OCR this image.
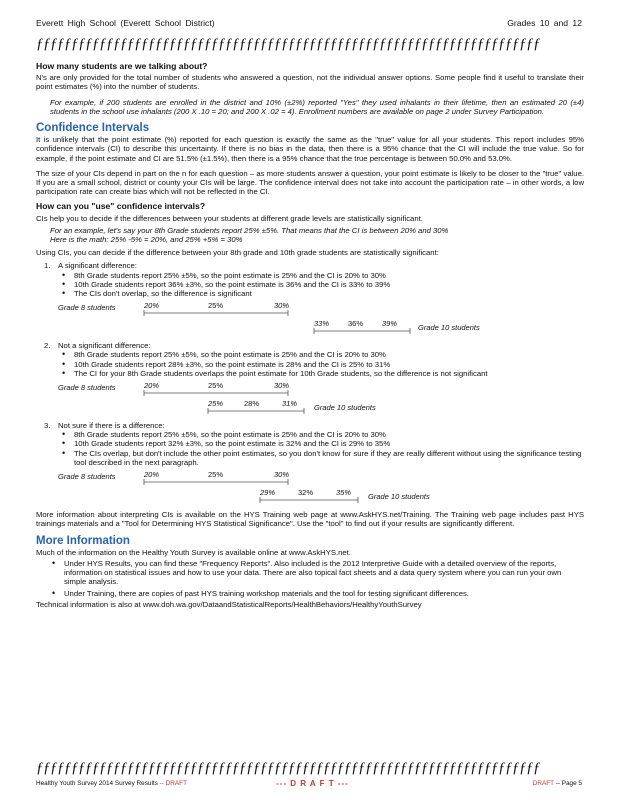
Everett High School (Everett School District)	Grades 10 and 12
ƒƒƒƒƒƒƒƒƒƒƒƒƒƒƒƒƒƒƒƒƒƒƒƒƒƒƒƒƒƒƒƒƒƒƒƒƒƒƒƒƒƒƒƒƒƒƒƒƒƒƒƒƒƒƒƒƒƒƒƒƒƒƒƒƒƒƒƒƒƒƒƒ
How many students are we talking about?

N's are only provided for the total number of students who answered a question, not the individual answer options. Some people find it useful to translate their point estimates (%) into the number of students.

For example, if 200 students are enrolled in the district and 10% (±2%) reported "Yes" they used inhalants in their lifetime, then an estimated 20 (±4) students in the school use inhalants (200 X .10 = 20; and 200 X .02 = 4). Enrollment numbers are available on page 2 under Survey Participation.

Confidence Intervals

It is unlikely that the point estimate (%) reported for each question is exactly the same as the "true" value for all your students. This report includes 95% confidence intervals (CI) to describe this uncertainty. If there is no bias in the data, then there is a 95% chance that the CI will include the true value. So for example, if the point estimate and CI are 51.5% (±1.5%), then there is a 95% chance that the true percentage is between 50.0% and 53.0%.

The size of your CIs depend in part on the n for each question – as more students answer a question, your point estimate is likely to be closer to the "true" value. If you are a small school, district or county your CIs will be large. The confidence interval does not take into account the participation rate – in other words, a low participation rate can create bias which will not be reflected in the CI.

How can you "use" confidence intervals?

CIs help you to decide if the differences between your students at different grade levels are statistically significant.

For an example, let's say your 8th Grade students report 25% ±5%. That means that the CI is between 20% and 30%
Here is the math: 25% -5% = 20%, and 25% +5% = 30%

Using CIs, you can decide if the difference between your 8th grade and 10th grade students are statistically significant:

1. A significant difference:
• 8th Grade students report 25% ±5%, so the point estimate is 25% and the CI is 20% to 30%
• 10th Grade students report 36% ±3%, so the point estimate is 36% and the CI is 33% to 39%
• The CIs don't overlap, so the difference is significant
Grade 8 students	20%	25%	30%
33%	36%	39%	Grade 10 students
2. Not a significant difference:
• 8th Grade students report 25% ±5%, so the point estimate is 25% and the CI is 20% to 30%
• 10th Grade students report 28% ±3%, so the point estimate is 28% and the CI is 25% to 31%
• The CI for your 8th Grade students overlaps the point estimate for 10th Grade students, so the difference is not significant
Grade 8 students	20%	25%	30%
25%	28%	31% Grade 10 students
3. Not sure if there is a difference:
• 8th Grade students report 25% ±5%, so the point estimate is 25% and the CI is 20% to 30%
• 10th Grade students report 32% ±3%, so the point estimate is 32% and the CI is 29% to 35%
• The CIs overlap, but don't include the other point estimates, so you don't know for sure if they are really different without using the significance testing tool described in the next paragraph.
Grade 8 students	20%	25%	30%
29%	32%	35% Grade 10 students

More information about interpreting CIs is available on the HYS Training web page at www.AskHYS.net/Training. The Training web page includes past HYS trainings materials and a "Tool for Determining HYS Statistical Significance". Use the "tool" to find out if your results are significantly different.

More Information

Much of the information on the Healthy Youth Survey is available online at www.AskHYS.net.

• Under HYS Results, you can find these "Frequency Reports". Also included is the 2012 Interpretive Guide with a detailed overview of the reports, information on statistical issues and how to use your data. There are also topical fact sheets and a data query system where you can run your own simple analysis.
• Under Training, there are copies of past HYS training workshop materials and the tool for testing significant differences.

Technical information is also at www.doh.wa.gov/DataandStatisticalReports/HealthBehaviors/HealthyYouthSurvey

ƒƒƒƒƒƒƒƒƒƒƒƒƒƒƒƒƒƒƒƒƒƒƒƒƒƒƒƒƒƒƒƒƒƒƒƒƒƒƒƒƒƒƒƒƒƒƒƒƒƒƒƒƒƒƒƒƒƒƒƒƒƒƒƒƒƒƒƒƒƒƒƒ
Healthy Youth Survey 2014 Survey Results -- DRAFT	--- D R A F T ---	DRAFT -- Page 5
